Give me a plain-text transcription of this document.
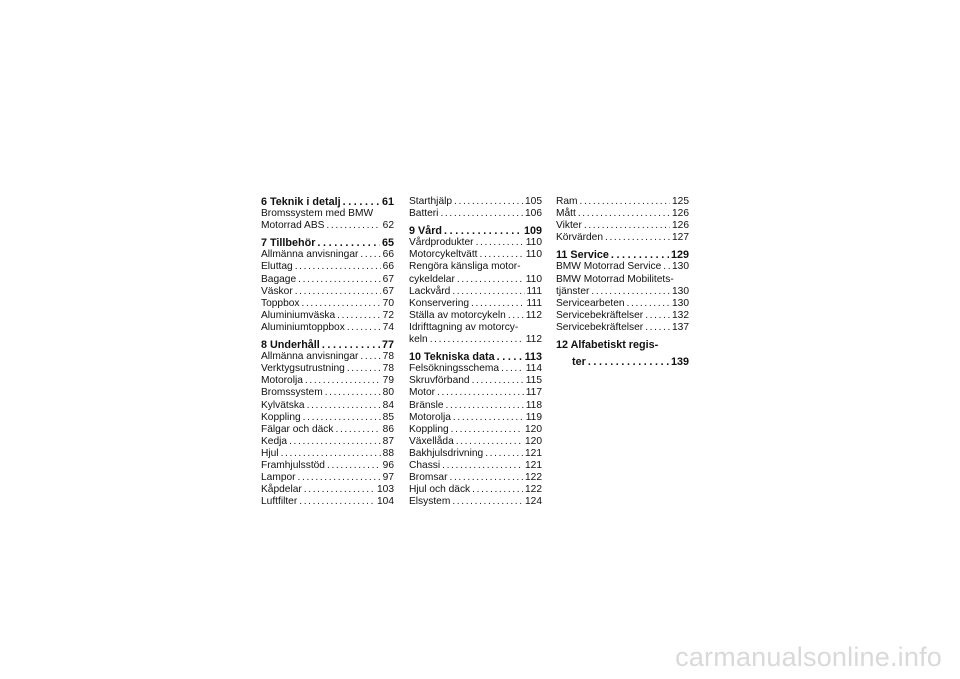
6 Teknik i detalj . . .	61
Bromssystem med BMW
Motorrad ABS . . .	62
7 Tillbehör . . .	65
Allmänna anvisningar . . . 66
Eluttag . . .	66
Bagage . . .	67
Väskor . . .	67
Toppbox . . .	70
Aluminiumväska . . .	72
Aluminiumtoppbox . . .	74
8 Underhåll . . .	77
Allmänna anvisningar . . . 78
Verktygsutrustning . . .	78
Motorolja . . .	79
Bromssystem . . .	80
Kylvätska . . .	84
Koppling . . .	85
Fälgar och däck . . .	86
Kedja . . .	87
Hjul . . .	88
Framhjulsstöd . . .	96
Lampor . . .	97
Kåpdelar . . .	103
Luftfilter . . .	104
Starthjälp . . .	105
Batteri . . .	106
9 Vård . . .	109
Vårdprodukter . . .	110
Motorcykeltvätt . . .	110
Rengöra känsliga motor-
cykeldelar . . .	110
Lackvård . . .	111
Konservering . . .	111
Ställa av motorcykeln . . . 112
Idrifttagning av motorcy-
keln . . .	112
10 Tekniska data . . .	113
Felsökningsschema . . .	114
Skruvförband . . .	115
Motor . . .	117
Bränsle . . .	118
Motorolja . . .	119
Koppling . . .	120
Växellåda . . .	120
Bakhjulsdrivning . . .	121
Chassi . . .	121
Bromsar . . .	122
Hjul och däck . . .	122
Elsystem . . .	124
Ram . . .	125
Mått . . .	126
Vikter . . .	126
Körvärden . . .	127
11 Service . . .	129
BMW Motorrad Service . . . 130
BMW Motorrad Mobilitets-
tjänster . . .	130
Servicearbeten . . .	130
Servicebekräftelser . . .	132
Servicebekräftelser . . .	137
12 Alfabetiskt regis-
ter . . .	139
carmanualsonline.info
